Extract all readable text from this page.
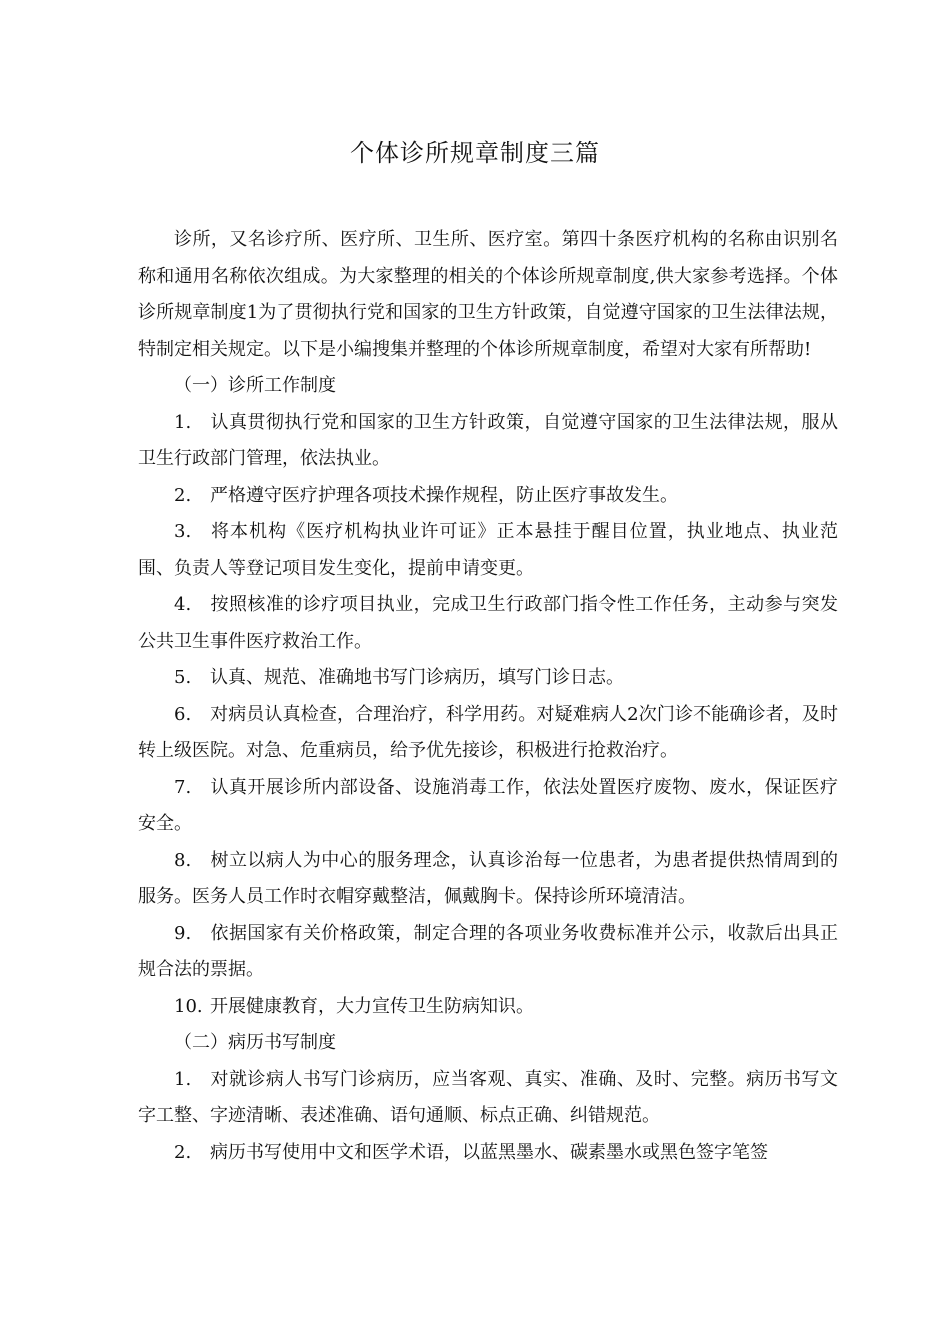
个体诊所规章制度三篇

诊所，又名诊疗所、医疗所、卫生所、医疗室。第四十条医疗机构的名称由识别名称和通用名称依次组成。为大家整理的相关的个体诊所规章制度,供大家参考选择。个体诊所规章制度1为了贯彻执行党和国家的卫生方针政策，自觉遵守国家的卫生法律法规，特制定相关规定。以下是小编搜集并整理的个体诊所规章制度，希望对大家有所帮助!

（一）诊所工作制度

1. 认真贯彻执行党和国家的卫生方针政策，自觉遵守国家的卫生法律法规，服从卫生行政部门管理，依法执业。

2. 严格遵守医疗护理各项技术操作规程，防止医疗事故发生。

3. 将本机构《医疗机构执业许可证》正本悬挂于醒目位置，执业地点、执业范围、负责人等登记项目发生变化，提前申请变更。

4. 按照核准的诊疗项目执业，完成卫生行政部门指令性工作任务，主动参与突发公共卫生事件医疗救治工作。

5. 认真、规范、准确地书写门诊病历，填写门诊日志。

6. 对病员认真检查，合理治疗，科学用药。对疑难病人2次门诊不能确诊者，及时转上级医院。对急、危重病员，给予优先接诊，积极进行抢救治疗。

7. 认真开展诊所内部设备、设施消毒工作，依法处置医疗废物、废水，保证医疗安全。

8. 树立以病人为中心的服务理念，认真诊治每一位患者，为患者提供热情周到的服务。医务人员工作时衣帽穿戴整洁，佩戴胸卡。保持诊所环境清洁。

9. 依据国家有关价格政策，制定合理的各项业务收费标准并公示，收款后出具正规合法的票据。

10. 开展健康教育，大力宣传卫生防病知识。

（二）病历书写制度

1. 对就诊病人书写门诊病历，应当客观、真实、准确、及时、完整。病历书写文字工整、字迹清晰、表述准确、语句通顺、标点正确、纠错规范。

2. 病历书写使用中文和医学术语，以蓝黑墨水、碳素墨水或黑色签字笔签
